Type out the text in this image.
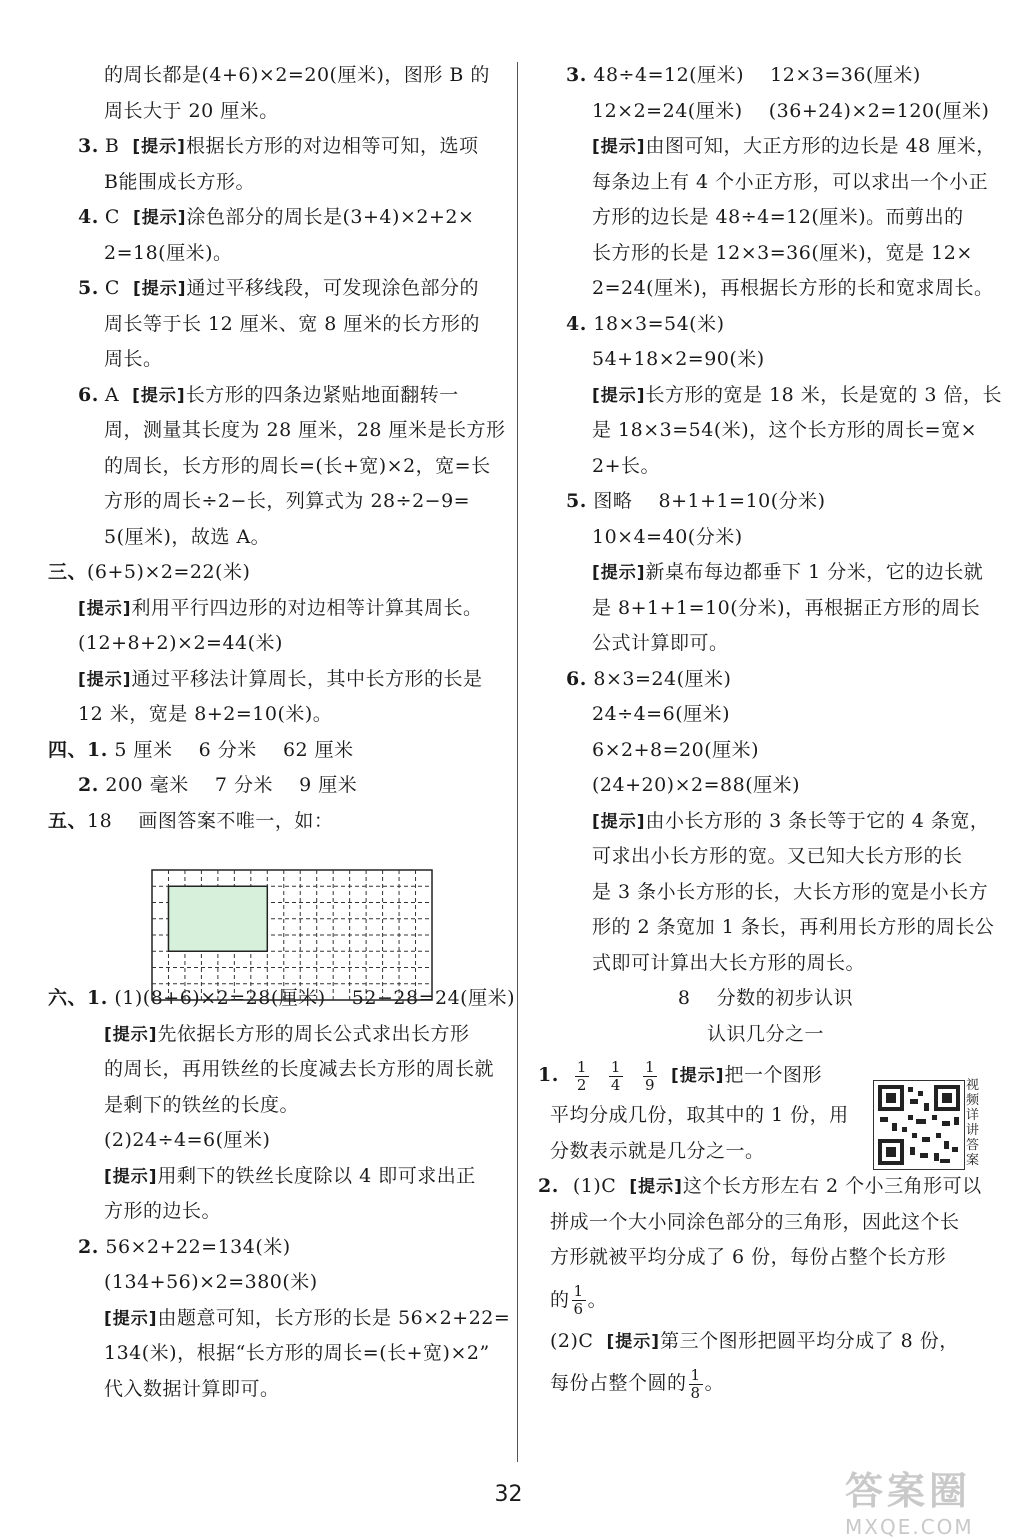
的周长都是(4+6)×2=20(厘米)，图形 B 的
周长大于 20 厘米。
3. B  [提示]根据长方形的对边相等可知，选项
B能围成长方形。
4. C  [提示]涂色部分的周长是(3+4)×2+2×
2=18(厘米)。
5. C  [提示]通过平移线段，可发现涂色部分的
周长等于长 12 厘米、宽 8 厘米的长方形的
周长。
6. A  [提示]长方形的四条边紧贴地面翻转一
周，测量其长度为 28 厘米，28 厘米是长方形
的周长，长方形的周长=(长+宽)×2，宽=长
方形的周长÷2−长，列算式为 28÷2−9=
5(厘米)，故选 A。
三、(6+5)×2=22(米)
[提示]利用平行四边形的对边相等计算其周长。
(12+8+2)×2=44(米)
[提示]通过平移法计算周长，其中长方形的长是
12 米，宽是 8+2=10(米)。
四、1. 5 厘米    6 分米    62 厘米
2. 200 毫米    7 分米    9 厘米
五、18    画图答案不唯一，如：
六、1. (1)(8+6)×2=28(厘米)    52−28=24(厘米)
[提示]先依据长方形的周长公式求出长方形
的周长，再用铁丝的长度减去长方形的周长就
是剩下的铁丝的长度。
(2)24÷4=6(厘米)
[提示]用剩下的铁丝长度除以 4 即可求出正
方形的边长。
2. 56×2+22=134(米)
(134+56)×2=380(米)
[提示]由题意可知，长方形的长是 56×2+22=
134(米)，根据“长方形的周长=(长+宽)×2”
代入数据计算即可。
3. 48÷4=12(厘米)    12×3=36(厘米)
12×2=24(厘米)    (36+24)×2=120(厘米)
[提示]由图可知，大正方形的边长是 48 厘米，
每条边上有 4 个小正方形，可以求出一个小正
方形的边长是 48÷4=12(厘米)。而剪出的
长方形的长是 12×3=36(厘米)，宽是 12×
2=24(厘米)，再根据长方形的长和宽求周长。
4. 18×3=54(米)
54+18×2=90(米)
[提示]长方形的宽是 18 米，长是宽的 3 倍，长
是 18×3=54(米)，这个长方形的周长=宽×
2+长。
5. 图略    8+1+1=10(分米)
10×4=40(分米)
[提示]新桌布每边都垂下 1 分米，它的边长就
是 8+1+1=10(分米)，再根据正方形的周长
公式计算即可。
6. 8×3=24(厘米)
24÷4=6(厘米)
6×2+8=20(厘米)
(24+20)×2=88(厘米)
[提示]由小长方形的 3 条长等于它的 4 条宽，
可求出小长方形的宽。又已知大长方形的长
是 3 条小长方形的长，大长方形的宽是小长方
形的 2 条宽加 1 条长，再利用长方形的周长公
式即可计算出大长方形的周长。
8    分数的初步认识
认识几分之一
1. $\frac{1}{2} \frac{1}{4} \frac{1}{9}$ [提示]把一个图形
平均分成几份，取其中的 1 份，用
分数表示就是几分之一。
2. (1)C  [提示]这个长方形左右 2 个小三角形可以
拼成一个大小同涂色部分的三角形，因此这个长
方形就被平均分成了 6 份，每份占整个长方形
的 $\frac{1}{6}$ 。
(2)C  [提示]第三个图形把圆平均分成了 8 份，
每份占整个圆的 $\frac{1}{8}$ 。
视频详讲答案
32	答案圈
MXQE.COM
